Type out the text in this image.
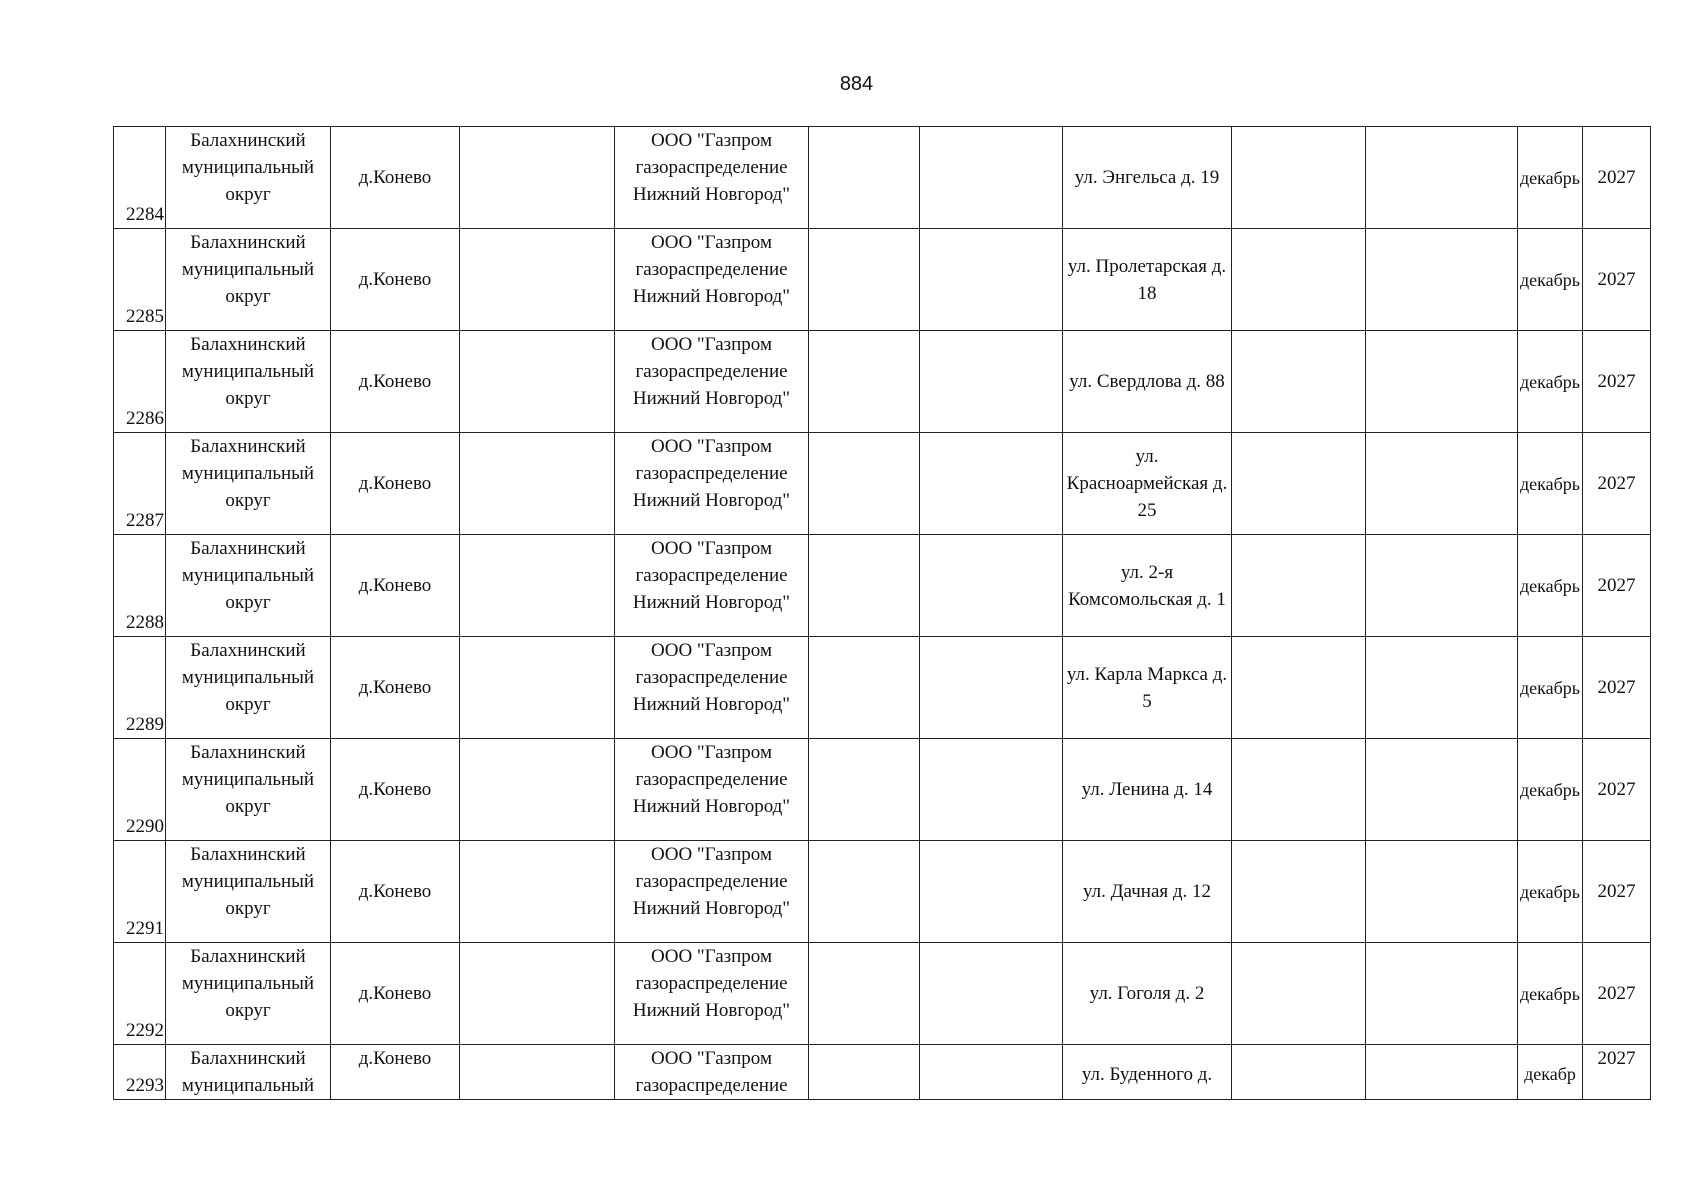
884
2284	Балахнинский муниципальный округ	д.Конево		ООО "Газпром газораспределение Нижний Новгород"			ул. Энгельса д. 19			декабрь	2027
2285	Балахнинский муниципальный округ	д.Конево		ООО "Газпром газораспределение Нижний Новгород"			ул. Пролетарская д. 18			декабрь	2027
2286	Балахнинский муниципальный округ	д.Конево		ООО "Газпром газораспределение Нижний Новгород"			ул. Свердлова д. 88			декабрь	2027
2287	Балахнинский муниципальный округ	д.Конево		ООО "Газпром газораспределение Нижний Новгород"			ул. Красноармейская д. 25			декабрь	2027
2288	Балахнинский муниципальный округ	д.Конево		ООО "Газпром газораспределение Нижний Новгород"			ул. 2-я Комсомольская д. 1			декабрь	2027
2289	Балахнинский муниципальный округ	д.Конево		ООО "Газпром газораспределение Нижний Новгород"			ул. Карла Маркса д. 5			декабрь	2027
2290	Балахнинский муниципальный округ	д.Конево		ООО "Газпром газораспределение Нижний Новгород"			ул. Ленина д. 14			декабрь	2027
2291	Балахнинский муниципальный округ	д.Конево		ООО "Газпром газораспределение Нижний Новгород"			ул. Дачная д. 12			декабрь	2027
2292	Балахнинский муниципальный округ	д.Конево		ООО "Газпром газораспределение Нижний Новгород"			ул. Гоголя д. 2			декабрь	2027
2293	Балахнинский муниципальный	д.Конево		ООО "Газпром газораспределение			ул. Буденного д.			декабр	2027
